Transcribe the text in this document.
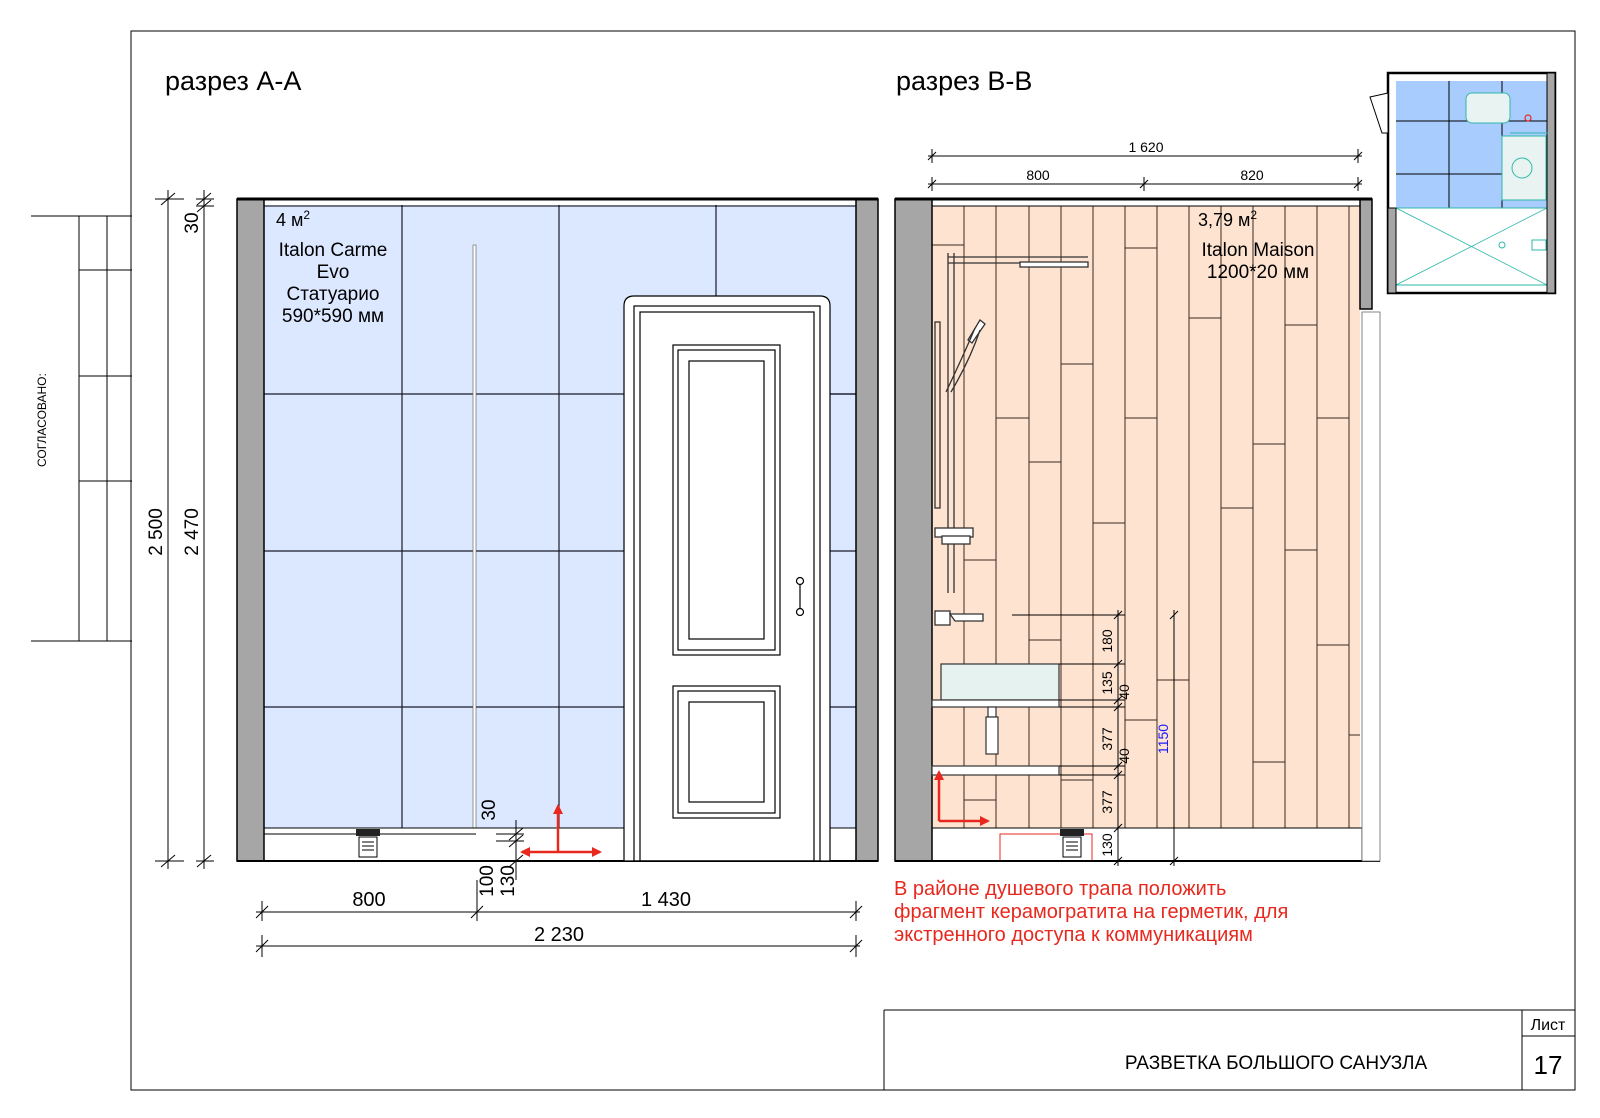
СОГЛАСОВАНО:
разрез А-А	разрез В-В
4 $м^2$
Italon Carme
Evo
Статуарио
590*590 мм
2 500 2 470
30
30
100 130
800	1 430
2 230
3,79 $м^2$
Italon Maison
1200*20 мм
1 620
800	820
180
135 40
377
40
377
130
1150
В районе душевого трапа положить
фрагмент керамогратита на герметик, для
экстренного доступа к коммуникациям
РАЗВЕТКА БОЛЬШОГО САНУЗЛА
Лист
17
